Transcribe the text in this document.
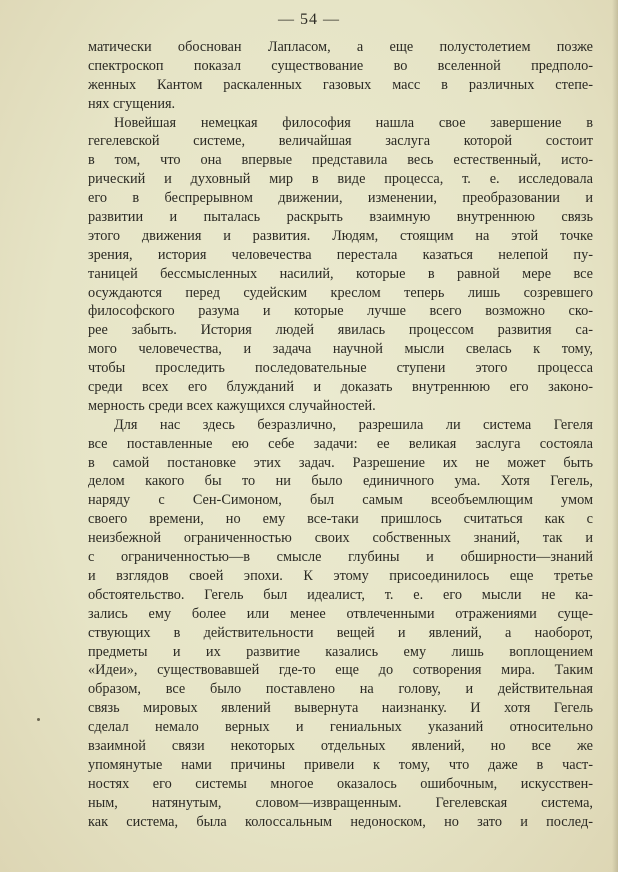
— 54 —
матически обоснован Лапласом, а еще полустолетием позже
спектроскоп показал существование во вселенной предполо-
женных Кантом раскаленных газовых масс в различных степе-
нях сгущения.
Новейшая немецкая философия нашла свое завершение в
гегелевской системе, величайшая заслуга которой состоит
в том, что она впервые представила весь естественный, исто-
рический и духовный мир в виде процесса, т. е. исследовала
его в беспрерывном движении, изменении, преобразовании и
развитии и пыталась раскрыть взаимную внутреннюю связь
этого движения и развития. Людям, стоящим на этой точке
зрения, история человечества перестала казаться нелепой пу-
таницей бессмысленных насилий, которые в равной мере все
осуждаются перед судейским креслом теперь лишь созревшего
философского разума и которые лучше всего возможно ско-
рее забыть. История людей явилась процессом развития са-
мого человечества, и задача научной мысли свелась к тому,
чтобы проследить последовательные ступени этого процесса
среди всех его блужданий и доказать внутреннюю его законо-
мерность среди всех кажущихся случайностей.
Для нас здесь безразлично, разрешила ли система Гегеля
все поставленные ею себе задачи: ее великая заслуга состояла
в самой постановке этих задач. Разрешение их не может быть
делом какого бы то ни было единичного ума. Хотя Гегель,
наряду с Сен-Симоном, был самым всеобъемлющим умом
своего времени, но ему все-таки пришлось считаться как с
неизбежной ограниченностью своих собственных знаний, так и
с ограниченностью—в смысле глубины и обширности—знаний
и взглядов своей эпохи. К этому присоединилось еще третье
обстоятельство. Гегель был идеалист, т. е. его мысли не ка-
зались ему более или менее отвлеченными отражениями суще-
ствующих в действительности вещей и явлений, а наоборот,
предметы и их развитие казались ему лишь воплощением
«Идеи», существовавшей где-то еще до сотворения мира. Таким
образом, все было поставлено на голову, и действительная
связь мировых явлений вывернута наизнанку. И хотя Гегель
сделал немало верных и гениальных указаний относительно
взаимной связи некоторых отдельных явлений, но все же
упомянутые нами причины привели к тому, что даже в част-
ностях его системы многое оказалось ошибочным, искусствен-
ным, натянутым, словом—извращенным. Гегелевская система,
как система, была колоссальным недоноском, но зато и послед-
